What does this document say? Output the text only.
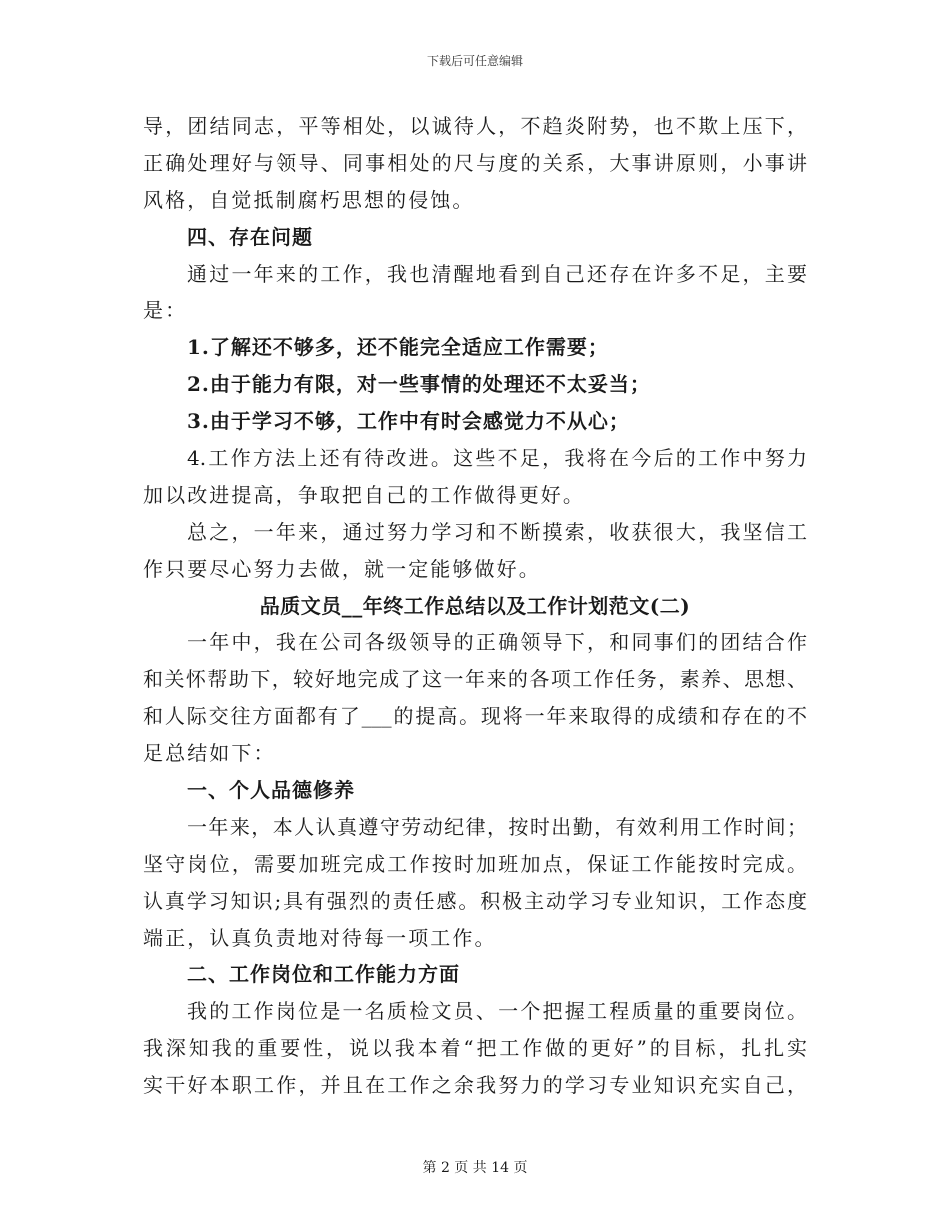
下载后可任意编辑
导，团结同志，平等相处，以诚待人，不趋炎附势，也不欺上压下，
正确处理好与领导、同事相处的尺与度的关系，大事讲原则，小事讲
风格，自觉抵制腐朽思想的侵蚀。
四、存在问题
通过一年来的工作，我也清醒地看到自己还存在许多不足，主要
是：
1.了解还不够多，还不能完全适应工作需要；
2.由于能力有限，对一些事情的处理还不太妥当；
3.由于学习不够，工作中有时会感觉力不从心；
4.工作方法上还有待改进。这些不足，我将在今后的工作中努力
加以改进提高，争取把自己的工作做得更好。
总之，一年来，通过努力学习和不断摸索，收获很大，我坚信工
作只要尽心努力去做，就一定能够做好。
品质文员__年终工作总结以及工作计划范文(二)
一年中，我在公司各级领导的正确领导下，和同事们的团结合作
和关怀帮助下，较好地完成了这一年来的各项工作任务，素养、思想、
和人际交往方面都有了___的提高。现将一年来取得的成绩和存在的不
足总结如下：
一、个人品德修养
一年来，本人认真遵守劳动纪律，按时出勤，有效利用工作时间；
坚守岗位，需要加班完成工作按时加班加点，保证工作能按时完成。
认真学习知识;具有强烈的责任感。积极主动学习专业知识，工作态度
端正，认真负责地对待每一项工作。
二、工作岗位和工作能力方面
我的工作岗位是一名质检文员、一个把握工程质量的重要岗位。
我深知我的重要性，说以我本着“把工作做的更好”的目标，扎扎实
实干好本职工作，并且在工作之余我努力的学习专业知识充实自己，
第 2 页 共 14 页
